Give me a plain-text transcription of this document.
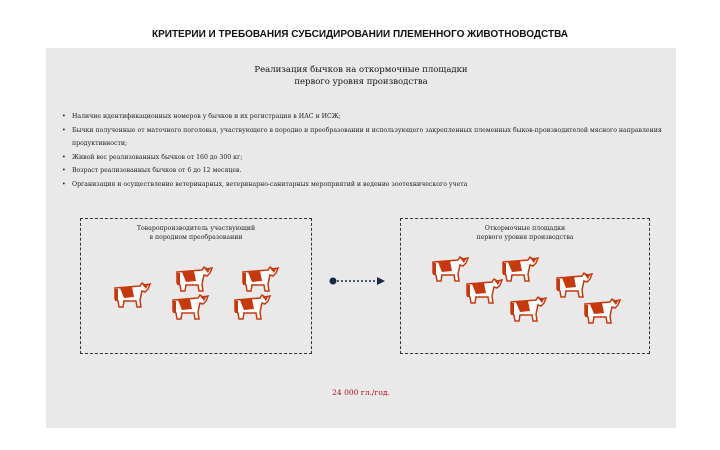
КРИТЕРИИ И ТРЕБОВАНИЯ СУБСИДИРОВАНИИ ПЛЕМЕННОГО ЖИВОТНОВОДСТВА
Реализация бычков на откормочные площадки
первого уровня производства
• Наличие идентификационных номеров у бычков и их регистрация в ИАС и ИСЖ;
• Бычки полученные от маточного поголовья, участвующего в породно и преобразовании и использующего закрепленных племенных быков-производителей мясного направления продуктивности;
• Живой вес реализованных бычков от 160 до 300 кг;
• Возраст реализованных бычков от 6 до 12 месяцев.
• Организация и осуществление ветеринарных, ветеринарно-санитарных мероприятий и ведение зоотехнического учета
Товаропроизводитель участвующий
в породном преобразовании
Откормочные площадки
первого уровня производства
24 000 гл./год.
